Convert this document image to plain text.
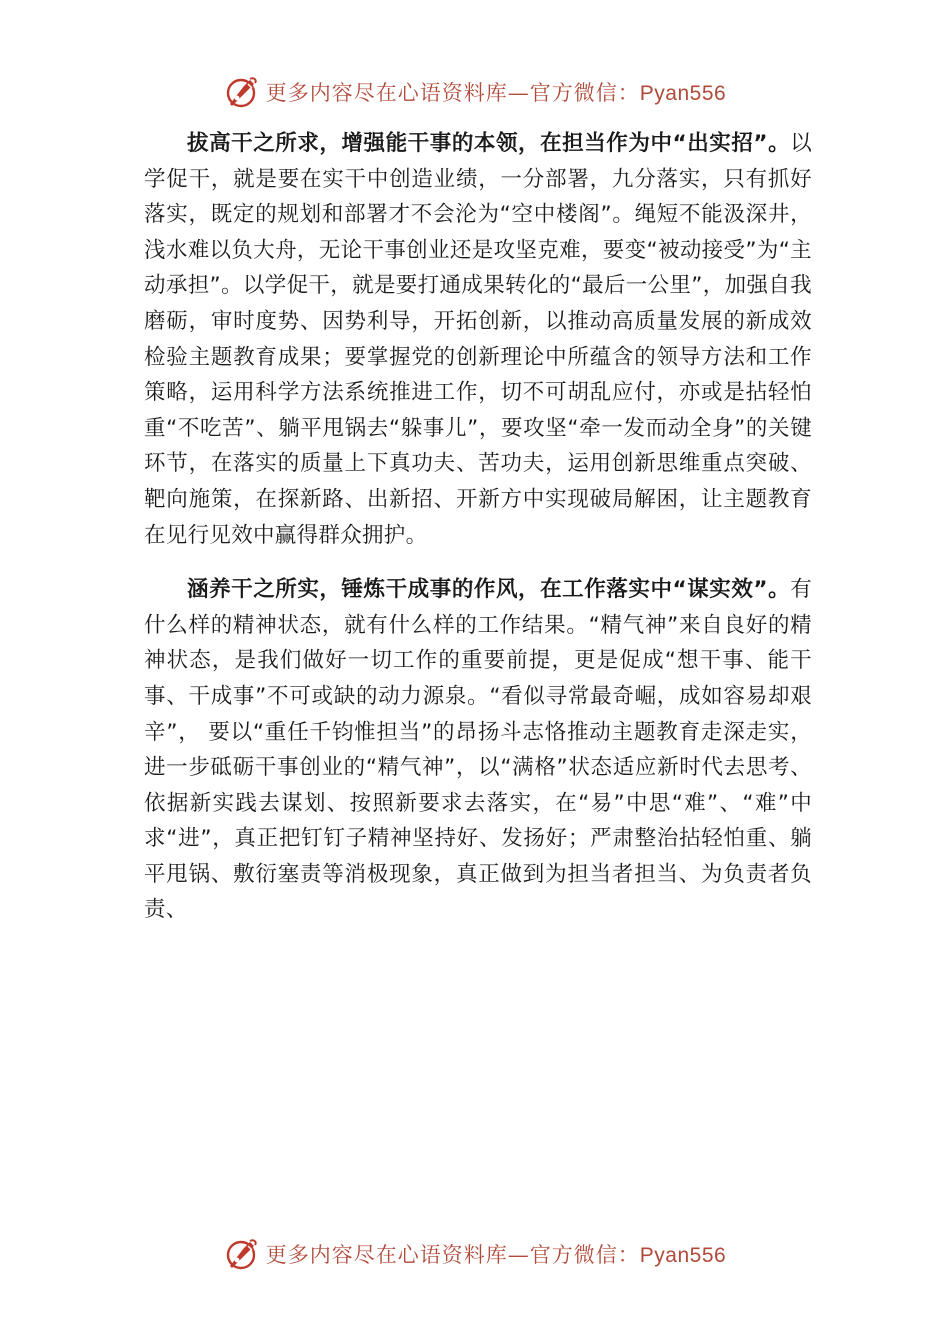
更多内容尽在心语资料库—官方微信：Pyan556

拔高干之所求，增强能干事的本领，在担当作为中“出实招”。以学促干，就是要在实干中创造业绩，一分部署，九分落实，只有抓好落实，既定的规划和部署才不会沦为“空中楼阁”。绳短不能汲深井，浅水难以负大舟，无论干事创业还是攻坚克难，要变“被动接受”为“主动承担”。以学促干，就是要打通成果转化的“最后一公里”，加强自我磨砺，审时度势、因势利导，开拓创新，以推动高质量发展的新成效检验主题教育成果；要掌握党的创新理论中所蕴含的领导方法和工作策略，运用科学方法系统推进工作，切不可胡乱应付，亦或是拈轻怕重“不吃苦”、躺平甩锅去“躲事儿”，要攻坚“牵一发而动全身”的关键环节，在落实的质量上下真功夫、苦功夫，运用创新思维重点突破、靶向施策，在探新路、出新招、开新方中实现破局解困，让主题教育在见行见效中赢得群众拥护。

涵养干之所实，锤炼干成事的作风，在工作落实中“谋实效”。有什么样的精神状态，就有什么样的工作结果。“精气神”来自良好的精神状态，是我们做好一切工作的重要前提，更是促成“想干事、能干事、干成事”不可或缺的动力源泉。“看似寻常最奇崛，成如容易却艰辛”， 要以“重任千钧惟担当”的昂扬斗志恪推动主题教育走深走实，进一步砥砺干事创业的“精气神”，以“满格”状态适应新时代去思考、依据新实践去谋划、按照新要求去落实，在“易”中思“难”、“难”中求“进”，真正把钉钉子精神坚持好、发扬好；严肃整治拈轻怕重、躺平甩锅、敷衍塞责等消极现象，真正做到为担当者担当、为负责者负责、

更多内容尽在心语资料库—官方微信：Pyan556
